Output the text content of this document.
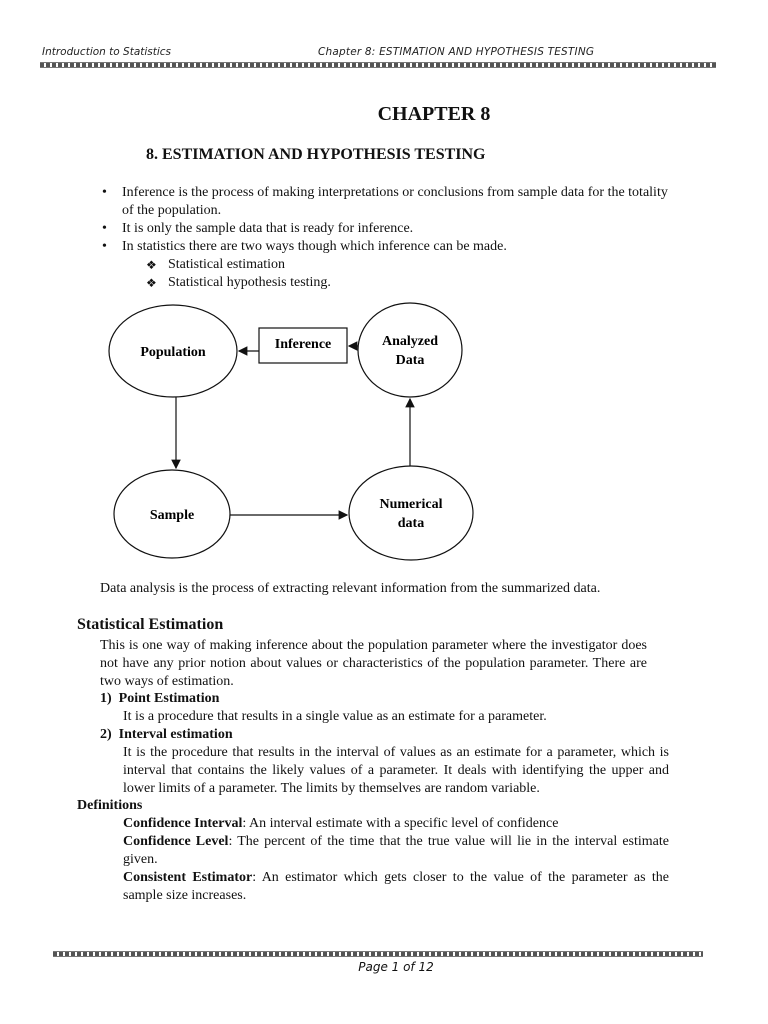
Introduction to Statistics	Chapter 8: ESTIMATION AND HYPOTHESIS TESTING
CHAPTER 8
8. ESTIMATION AND HYPOTHESIS TESTING
• Inference is the process of making interpretations or conclusions from sample data for the totality of the population.
• It is only the sample data that is ready for inference.
• In statistics there are two ways though which inference can be made.
❖ Statistical estimation
❖ Statistical hypothesis testing.
Population
Inference	Analyzed
Data
Sample
Numerical
data
Data analysis is the process of extracting relevant information from the summarized data.
Statistical Estimation
This is one way of making inference about the population parameter where the investigator does not have any prior notion about values or characteristics of the population parameter. There are two ways of estimation.
1) Point Estimation
It is a procedure that results in a single value as an estimate for a parameter.
2) Interval estimation
It is the procedure that results in the interval of values as an estimate for a parameter, which is interval that contains the likely values of a parameter. It deals with identifying the upper and lower limits of a parameter. The limits by themselves are random variable.
Definitions
Confidence Interval: An interval estimate with a specific level of confidence
Confidence Level: The percent of the time that the true value will lie in the interval estimate given.
Consistent Estimator: An estimator which gets closer to the value of the parameter as the sample size increases.
Page 1 of 12
